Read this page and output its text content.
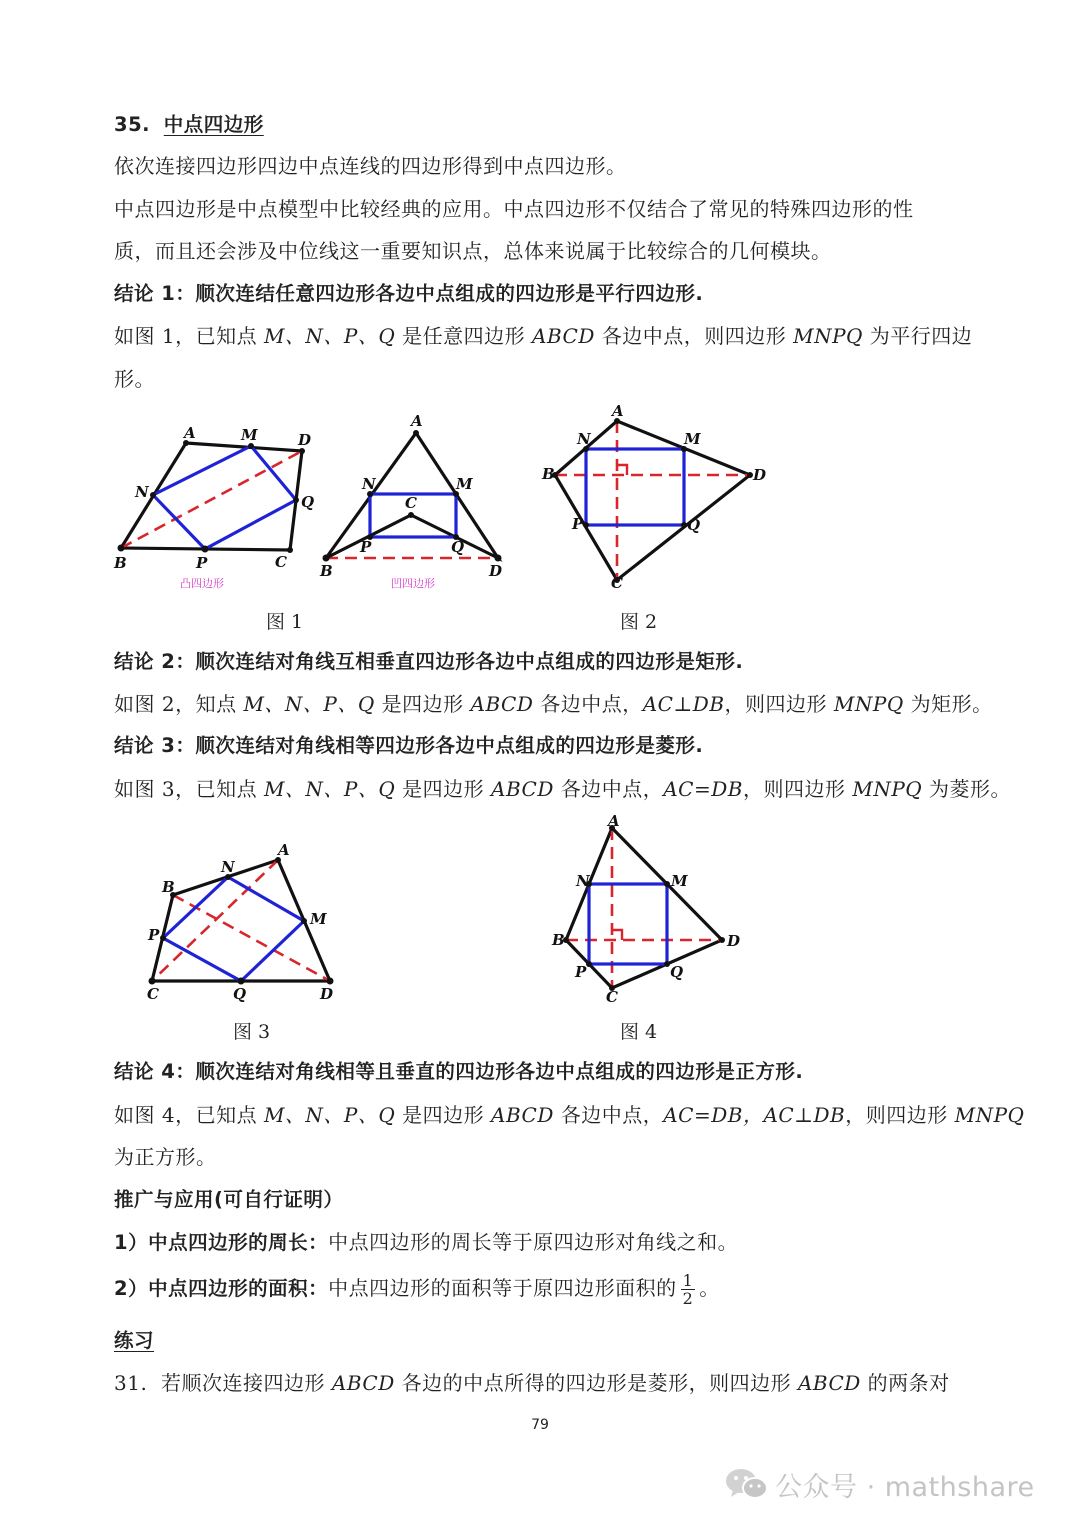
35. 中点四边形
依次连接四边形四边中点连线的四边形得到中点四边形。
中点四边形是中点模型中比较经典的应用。中点四边形不仅结合了常见的特殊四边形的性
质，而且还会涉及中位线这一重要知识点，总体来说属于比较综合的几何模块。
结论 1：顺次连结任意四边形各边中点组成的四边形是平行四边形.
如图 1，已知点 M、N、P、Q 是任意四边形 ABCD 各边中点，则四边形 MNPQ 为平行四边
形。
A	M	D
N
Q
B	P	C
凸四边形
A
N	M
C
P	Q
B	D
凹四边形
A
N	M
B	D
P	Q
C
图 1	图 2
结论 2：顺次连结对角线互相垂直四边形各边中点组成的四边形是矩形.
如图 2，知点 M、N、P、Q 是四边形 ABCD 各边中点，AC⊥DB，则四边形 MNPQ 为矩形。
结论 3：顺次连结对角线相等四边形各边中点组成的四边形是菱形.
如图 3，已知点 M、N、P、Q 是四边形 ABCD 各边中点，AC=DB，则四边形 MNPQ 为菱形。
A
N
B
M
P
C	Q	D
A
N	M
B	D
P	Q
C
图 3	图 4
结论 4：顺次连结对角线相等且垂直的四边形各边中点组成的四边形是正方形.
如图 4，已知点 M、N、P、Q 是四边形 ABCD 各边中点，AC=DB，AC⊥DB，则四边形 MNPQ
为正方形。
推广与应用(可自行证明）
1）中点四边形的周长：中点四边形的周长等于原四边形对角线之和。
2）中点四边形的面积：中点四边形的面积等于原四边形面积的 $\frac{1}{2}$ 。
练习
31. 若顺次连接四边形 ABCD 各边的中点所得的四边形是菱形，则四边形 ABCD 的两条对
79
公众号 · mathshare
